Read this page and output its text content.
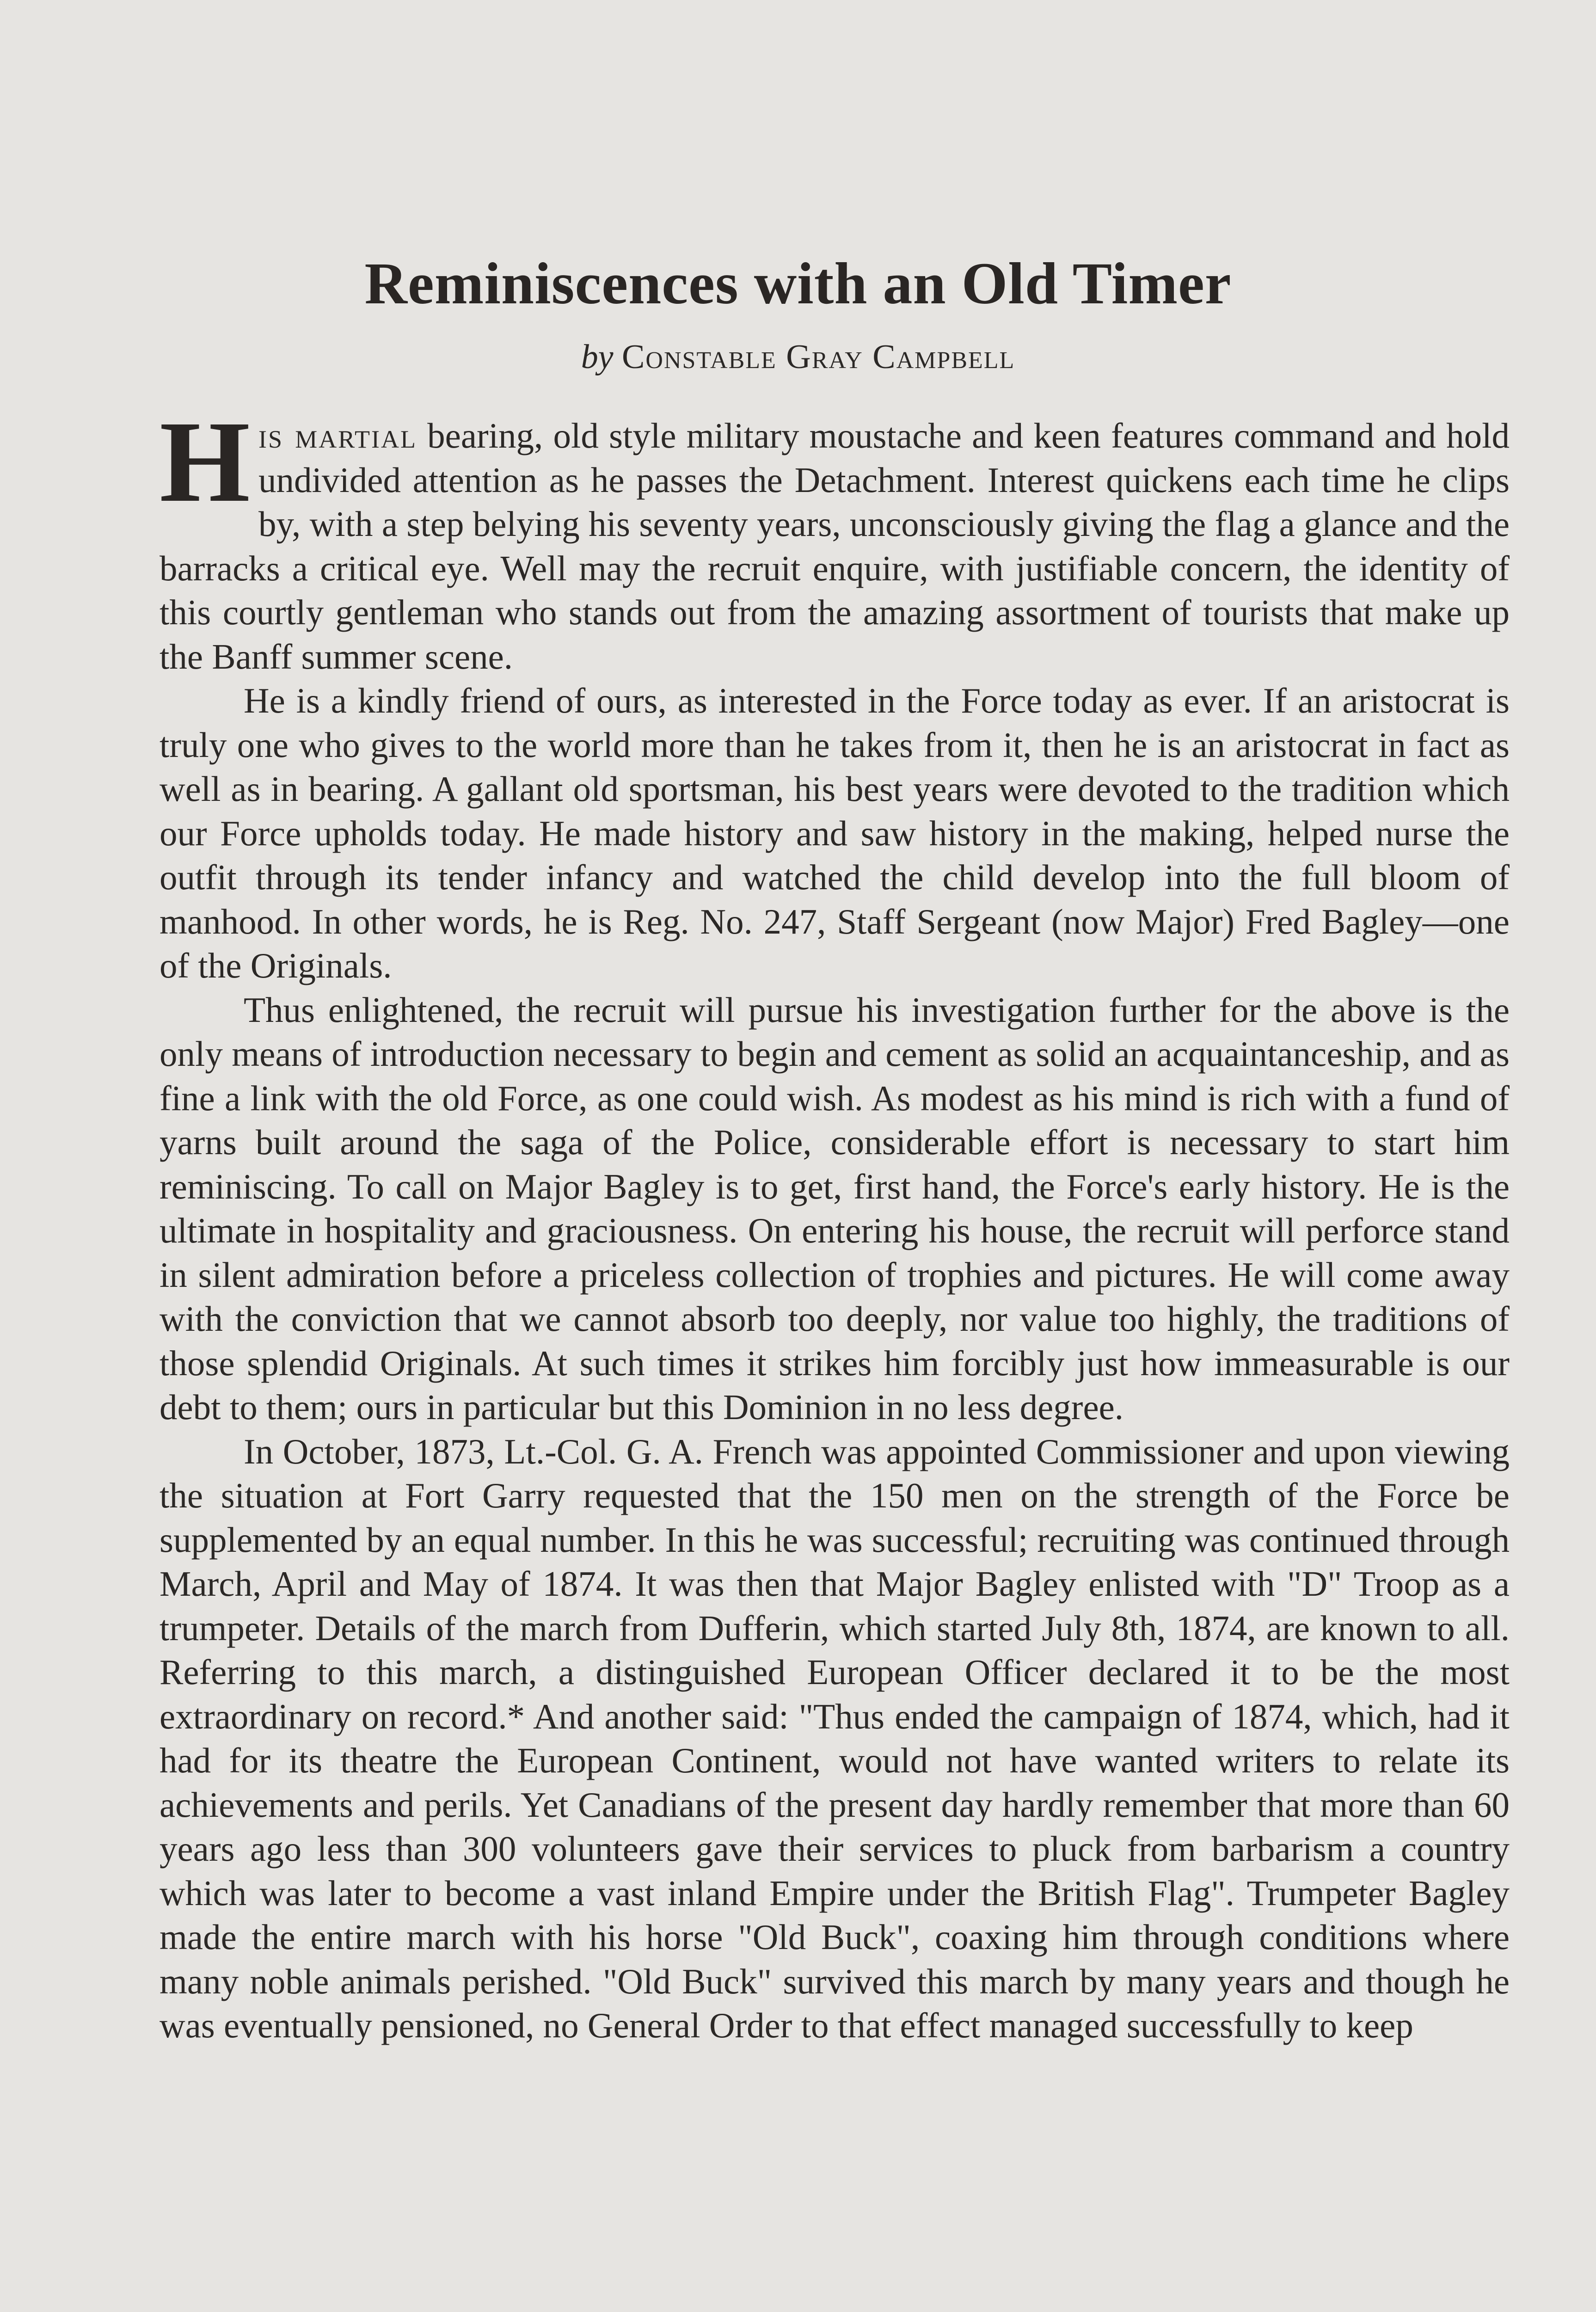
Reminiscences with an Old Timer
by Constable Gray Campbell

His martial bearing, old style military moustache and keen features command and hold undivided attention as he passes the Detachment. Interest quickens each time he clips by, with a step belying his seventy years, unconsciously giving the flag a glance and the barracks a critical eye. Well may the recruit enquire, with justifiable concern, the identity of this courtly gentleman who stands out from the amazing assortment of tourists that make up the Banff summer scene.

He is a kindly friend of ours, as interested in the Force today as ever. If an aristocrat is truly one who gives to the world more than he takes from it, then he is an aristocrat in fact as well as in bearing. A gallant old sportsman, his best years were devoted to the tradition which our Force upholds today. He made history and saw history in the making, helped nurse the outfit through its tender infancy and watched the child develop into the full bloom of manhood. In other words, he is Reg. No. 247, Staff Sergeant (now Major) Fred Bagley—one of the Originals.

Thus enlightened, the recruit will pursue his investigation further for the above is the only means of introduction necessary to begin and cement as solid an acquaintanceship, and as fine a link with the old Force, as one could wish. As modest as his mind is rich with a fund of yarns built around the saga of the Police, considerable effort is necessary to start him reminiscing. To call on Major Bagley is to get, first hand, the Force's early history. He is the ultimate in hospitality and graciousness. On entering his house, the recruit will perforce stand in silent admiration before a priceless collection of trophies and pictures. He will come away with the conviction that we cannot absorb too deeply, nor value too highly, the traditions of those splendid Originals. At such times it strikes him forcibly just how immeasurable is our debt to them; ours in particular but this Dominion in no less degree.

In October, 1873, Lt.-Col. G. A. French was appointed Commissioner and upon viewing the situation at Fort Garry requested that the 150 men on the strength of the Force be supplemented by an equal number. In this he was successful; recruiting was continued through March, April and May of 1874. It was then that Major Bagley enlisted with "D" Troop as a trumpeter. Details of the march from Dufferin, which started July 8th, 1874, are known to all. Referring to this march, a distinguished European Officer declared it to be the most extraordinary on record.* And another said: "Thus ended the campaign of 1874, which, had it had for its theatre the European Continent, would not have wanted writers to relate its achievements and perils. Yet Canadians of the present day hardly remember that more than 60 years ago less than 300 volunteers gave their services to pluck from barbarism a country which was later to become a vast inland Empire under the British Flag". Trumpeter Bagley made the entire march with his horse "Old Buck", coaxing him through conditions where many noble animals perished. "Old Buck" survived this march by many years and though he was eventually pensioned, no General Order to that effect managed successfully to keep
